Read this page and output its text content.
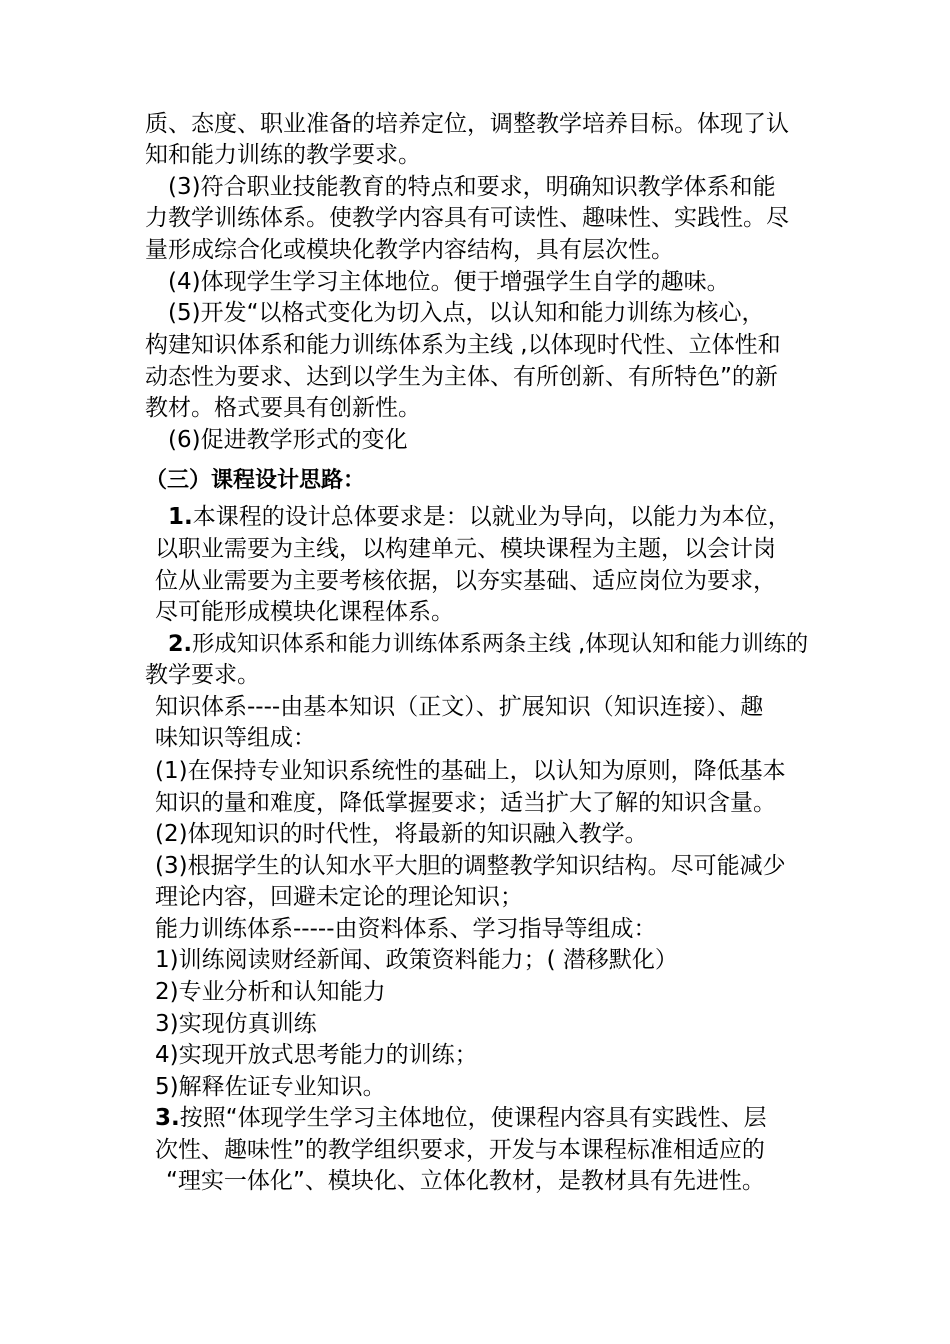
质、态度、职业准备的培养定位，调整教学培养目标。体现了认
知和能力训练的教学要求。
(3)符合职业技能教育的特点和要求，明确知识教学体系和能
力教学训练体系。使教学内容具有可读性、趣味性、实践性。尽
量形成综合化或模块化教学内容结构，具有层次性。
(4)体现学生学习主体地位。便于增强学生自学的趣味。
(5)开发“以格式变化为切入点，以认知和能力训练为核心，
构建知识体系和能力训练体系为主线 ,以体现时代性、立体性和
动态性为要求、达到以学生为主体、有所创新、有所特色”的新
教材。格式要具有创新性。
(6)促进教学形式的变化
（三）课程设计思路：
1.本课程的设计总体要求是：以就业为导向，以能力为本位，
以职业需要为主线，以构建单元、模块课程为主题，以会计岗
位从业需要为主要考核依据，以夯实基础、适应岗位为要求，
尽可能形成模块化课程体系。
2.形成知识体系和能力训练体系两条主线 ,体现认知和能力训练的
教学要求。
知识体系----由基本知识（正文）、扩展知识（知识连接）、趣
味知识等组成：
(1)在保持专业知识系统性的基础上，以认知为原则，降低基本
知识的量和难度，降低掌握要求；适当扩大了解的知识含量。
(2)体现知识的时代性，将最新的知识融入教学。
(3)根据学生的认知水平大胆的调整教学知识结构。尽可能减少
理论内容，回避未定论的理论知识；
能力训练体系-----由资料体系、学习指导等组成：
1)训练阅读财经新闻、政策资料能力；( 潜移默化）
2)专业分析和认知能力
3)实现仿真训练
4)实现开放式思考能力的训练；
5)解释佐证专业知识。
3.按照“体现学生学习主体地位，使课程内容具有实践性、层
次性、趣味性”的教学组织要求，开发与本课程标准相适应的
“理实一体化”、模块化、立体化教材，是教材具有先进性。
